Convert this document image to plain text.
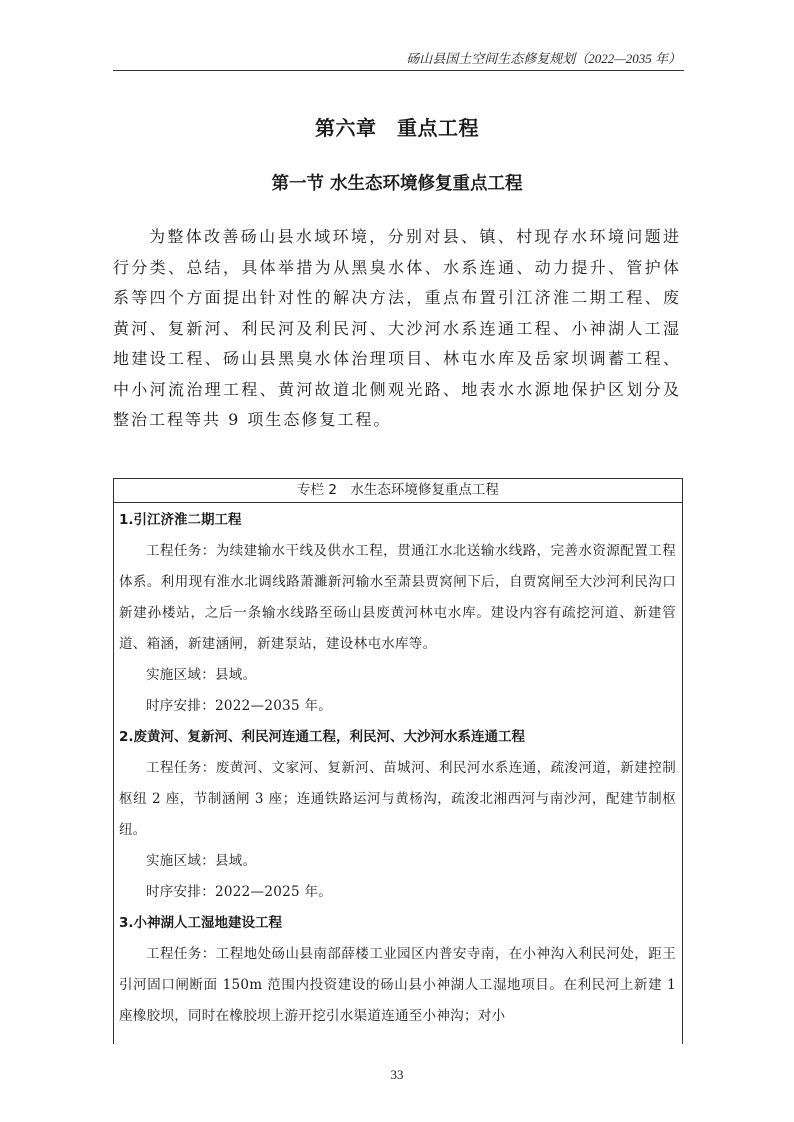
砀山县国土空间生态修复规划（2022—2035 年）
第六章　重点工程
第一节 水生态环境修复重点工程

为整体改善砀山县水域环境，分别对县、镇、村现存水环境问题进行分类、总结，具体举措为从黑臭水体、水系连通、动力提升、管护体系等四个方面提出针对性的解决方法，重点布置引江济淮二期工程、废黄河、复新河、利民河及利民河、大沙河水系连通工程、小神湖人工湿地建设工程、砀山县黑臭水体治理项目、林屯水库及岳家坝调蓄工程、中小河流治理工程、黄河故道北侧观光路、地表水水源地保护区划分及整治工程等共 9 项生态修复工程。

专栏 2　水生态环境修复重点工程
1.引江济淮二期工程
工程任务：为续建输水干线及供水工程，贯通江水北送输水线路，完善水资源配置工程体系。利用现有淮水北调线路萧濉新河输水至萧县贾窝闸下后，自贾窝闸至大沙河利民沟口新建孙楼站，之后一条输水线路至砀山县废黄河林屯水库。建设内容有疏挖河道、新建管道、箱涵，新建涵闸，新建泵站，建设林屯水库等。
实施区域：县域。
时序安排：2022—2035 年。
2.废黄河、复新河、利民河连通工程，利民河、大沙河水系连通工程
工程任务：废黄河、文家河、复新河、苗城河、利民河水系连通，疏浚河道，新建控制枢纽 2 座，节制涵闸 3 座；连通铁路运河与黄杨沟，疏浚北湘西河与南沙河，配建节制枢纽。
实施区域：县域。
时序安排：2022—2025 年。
3.小神湖人工湿地建设工程
工程任务：工程地处砀山县南部薛楼工业园区内普安寺南，在小神沟入利民河处，距王引河固口闸断面 150m 范围内投资建设的砀山县小神湖人工湿地项目。在利民河上新建 1 座橡胶坝，同时在橡胶坝上游开挖引水渠道连通至小神沟；对小
33
